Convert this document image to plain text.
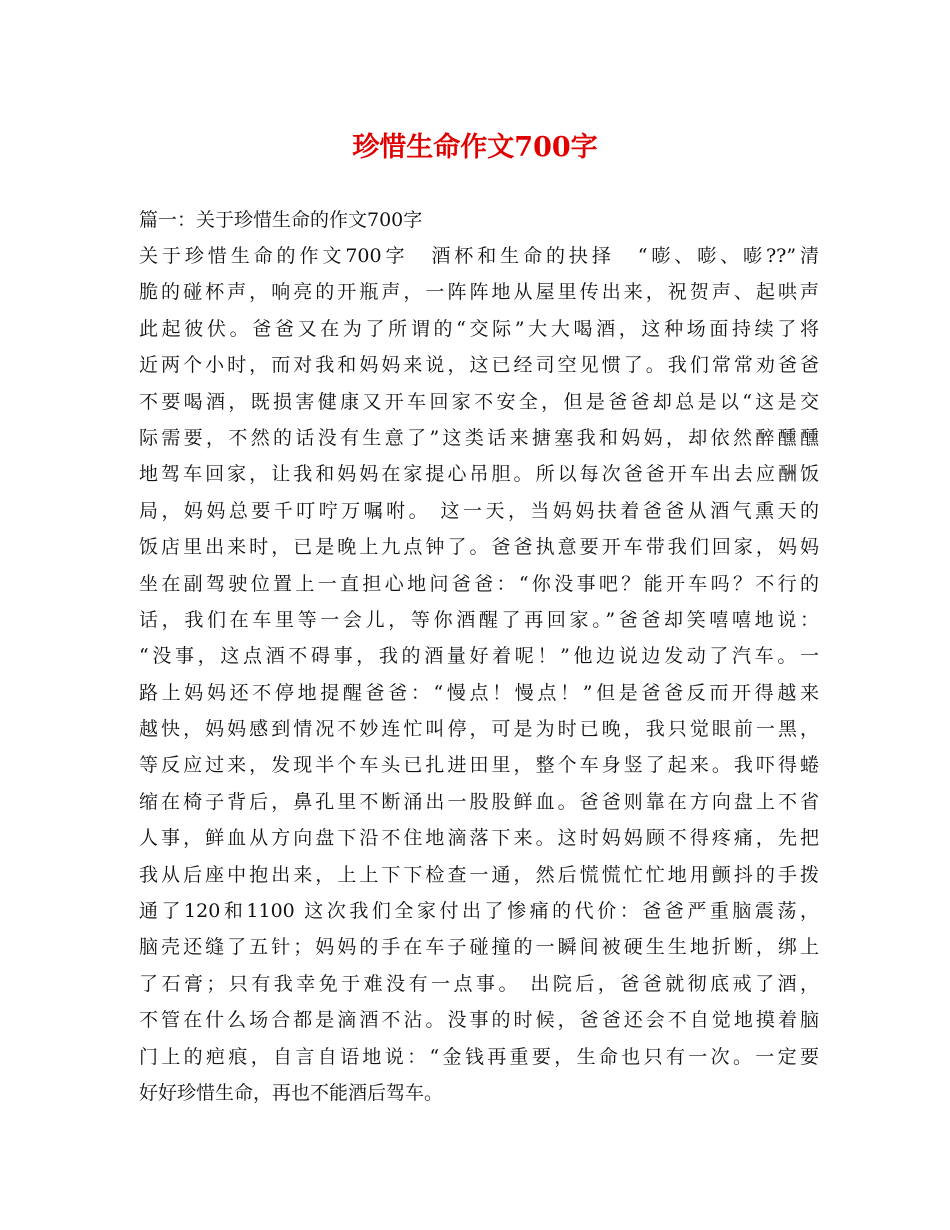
珍惜生命作文700字
篇一：关于珍惜生命的作文700字
关于珍惜生命的作文700字　酒杯和生命的抉择　“嘭、嘭、嘭??”清
脆的碰杯声，响亮的开瓶声，一阵阵地从屋里传出来，祝贺声、起哄声
此起彼伏。爸爸又在为了所谓的“交际”大大喝酒，这种场面持续了将
近两个小时，而对我和妈妈来说，这已经司空见惯了。我们常常劝爸爸
不要喝酒，既损害健康又开车回家不安全，但是爸爸却总是以“这是交
际需要，不然的话没有生意了”这类话来搪塞我和妈妈，却依然醉醺醺
地驾车回家，让我和妈妈在家提心吊胆。所以每次爸爸开车出去应酬饭
局，妈妈总要千叮咛万嘱咐。 这一天，当妈妈扶着爸爸从酒气熏天的
饭店里出来时，已是晚上九点钟了。爸爸执意要开车带我们回家，妈妈
坐在副驾驶位置上一直担心地问爸爸：“你没事吧？能开车吗？不行的
话，我们在车里等一会儿，等你酒醒了再回家。”爸爸却笑嘻嘻地说：
“没事，这点酒不碍事，我的酒量好着呢！”他边说边发动了汽车。一
路上妈妈还不停地提醒爸爸：“慢点！慢点！”但是爸爸反而开得越来
越快，妈妈感到情况不妙连忙叫停，可是为时已晚，我只觉眼前一黑，
等反应过来，发现半个车头已扎进田里，整个车身竖了起来。我吓得蜷
缩在椅子背后，鼻孔里不断涌出一股股鲜血。爸爸则靠在方向盘上不省
人事，鲜血从方向盘下沿不住地滴落下来。这时妈妈顾不得疼痛，先把
我从后座中抱出来，上上下下检查一通，然后慌慌忙忙地用颤抖的手拨
通了120和1100 这次我们全家付出了惨痛的代价：爸爸严重脑震荡，
脑壳还缝了五针；妈妈的手在车子碰撞的一瞬间被硬生生地折断，绑上
了石膏；只有我幸免于难没有一点事。 出院后，爸爸就彻底戒了酒，
不管在什么场合都是滴酒不沾。没事的时候，爸爸还会不自觉地摸着脑
门上的疤痕，自言自语地说：“金钱再重要，生命也只有一次。一定要
好好珍惜生命，再也不能酒后驾车。
